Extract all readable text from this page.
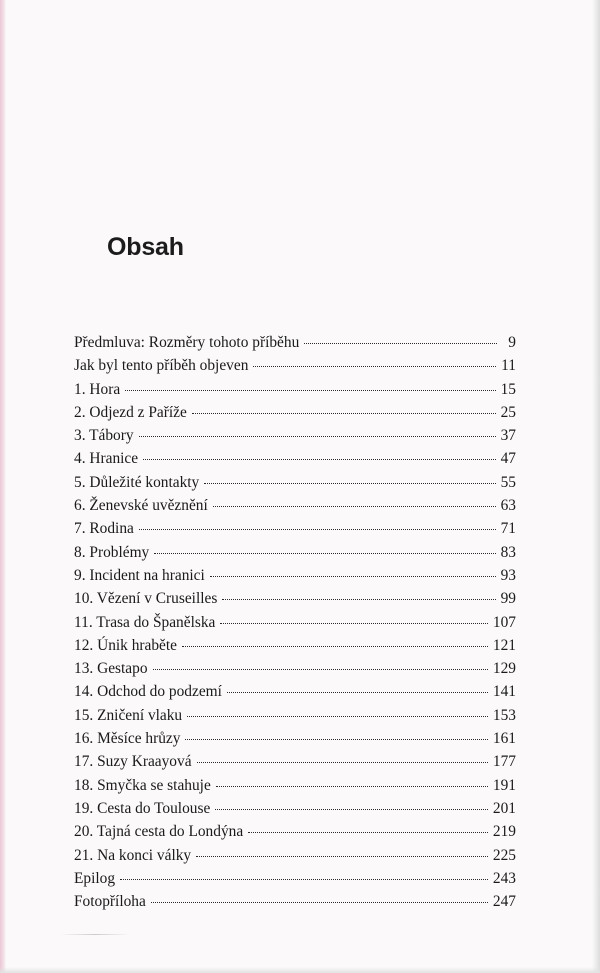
Obsah
Předmluva: Rozměry tohoto příběhu	9
Jak byl tento příběh objeven	11
1. Hora	15
2. Odjezd z Paříže	25
3. Tábory	37
4. Hranice	47
5. Důležité kontakty	55
6. Ženevské uvěznění	63
7. Rodina	71
8. Problémy	83
9. Incident na hranici	93
10. Vězení v Cruseilles	99
11. Trasa do Španělska	107
12. Únik hraběte	121
13. Gestapo	129
14. Odchod do podzemí	141
15. Zničení vlaku	153
16. Měsíce hrůzy	161
17. Suzy Kraayová	177
18. Smyčka se stahuje	191
19. Cesta do Toulouse	201
20. Tajná cesta do Londýna	219
21. Na konci války	225
Epilog	243
Fotopříloha	247
